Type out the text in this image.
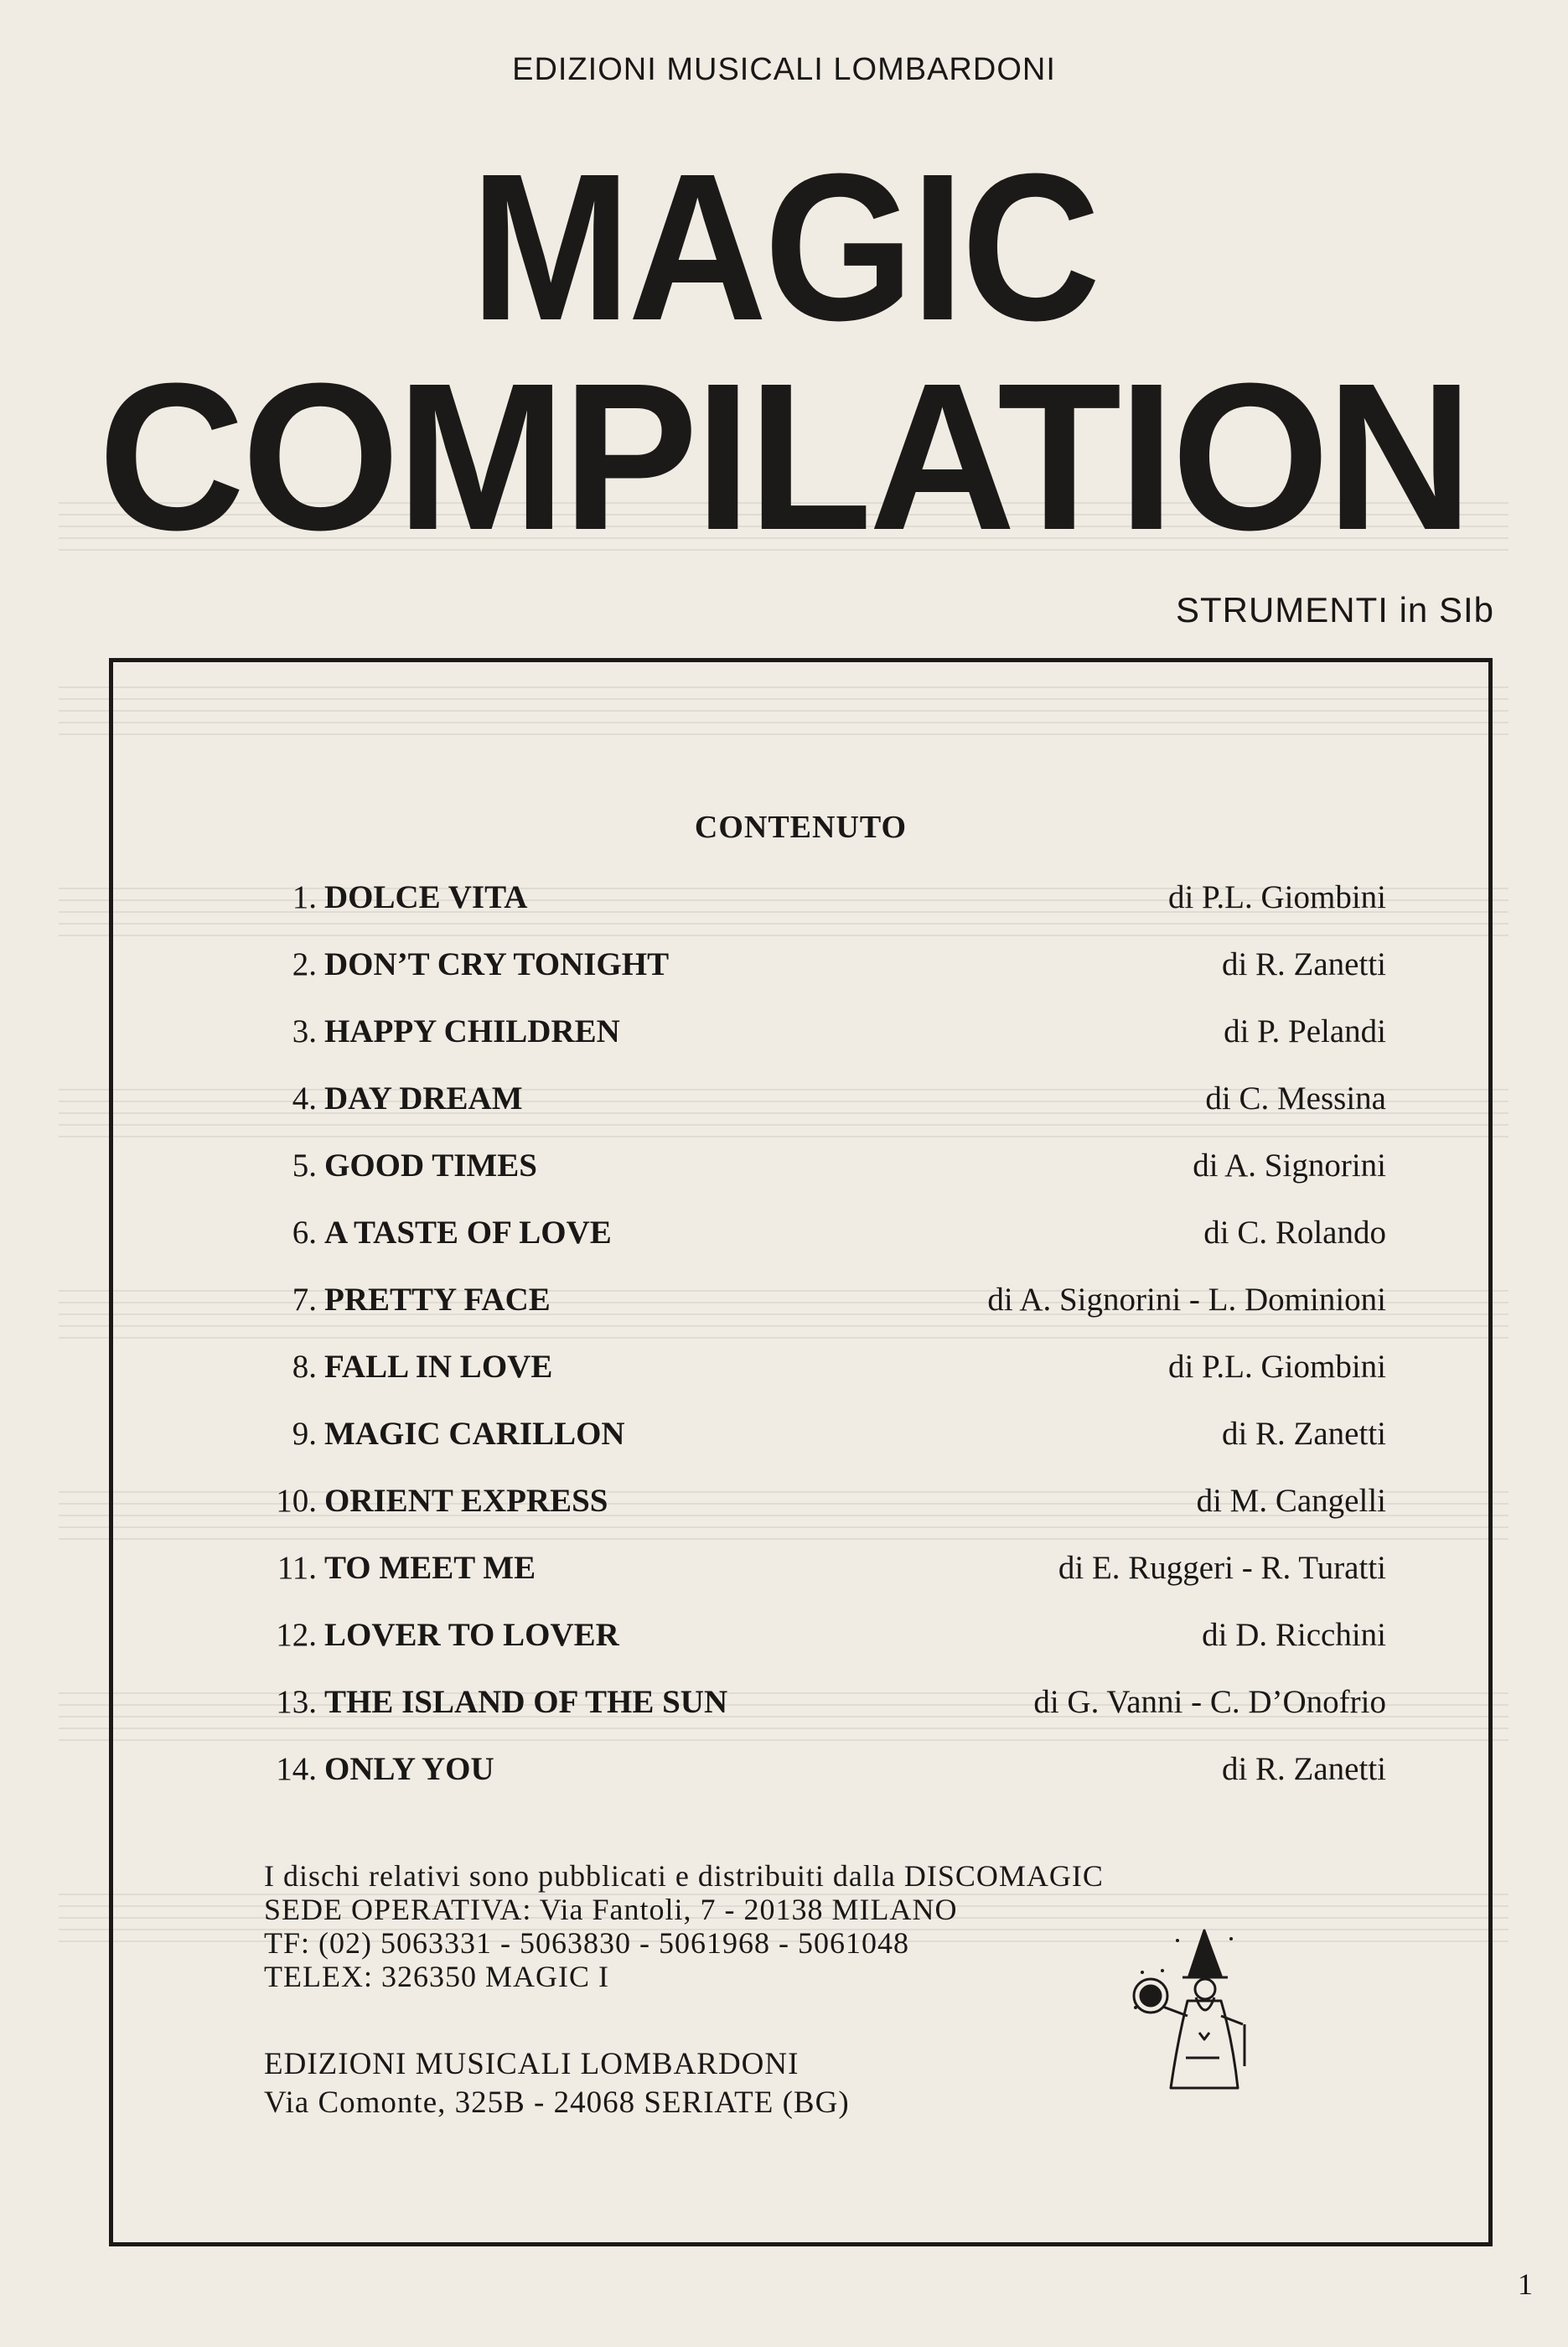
EDIZIONI MUSICALI LOMBARDONI
MAGIC
COMPILATION
STRUMENTI in SIb
CONTENUTO
1. DOLCE VITA	di P.L. Giombini
2. DON’T CRY TONIGHT	di R. Zanetti
3. HAPPY CHILDREN	di P. Pelandi
4. DAY DREAM	di C. Messina
5. GOOD TIMES	di A. Signorini
6. A TASTE OF LOVE	di C. Rolando
7. PRETTY FACE	di A. Signorini - L. Dominioni
8. FALL IN LOVE	di P.L. Giombini
9. MAGIC CARILLON	di R. Zanetti
10. ORIENT EXPRESS	di M. Cangelli
11. TO MEET ME	di E. Ruggeri - R. Turatti
12. LOVER TO LOVER	di D. Ricchini
13. THE ISLAND OF THE SUN	di G. Vanni - C. D’Onofrio
14. ONLY YOU	di R. Zanetti
I dischi relativi sono pubblicati e distribuiti dalla DISCOMAGIC
SEDE OPERATIVA: Via Fantoli, 7 - 20138 MILANO
TF: (02) 5063331 - 5063830 - 5061968 - 5061048
TELEX: 326350 MAGIC I
EDIZIONI MUSICALI LOMBARDONI
Via Comonte, 325B - 24068 SERIATE (BG)
1
